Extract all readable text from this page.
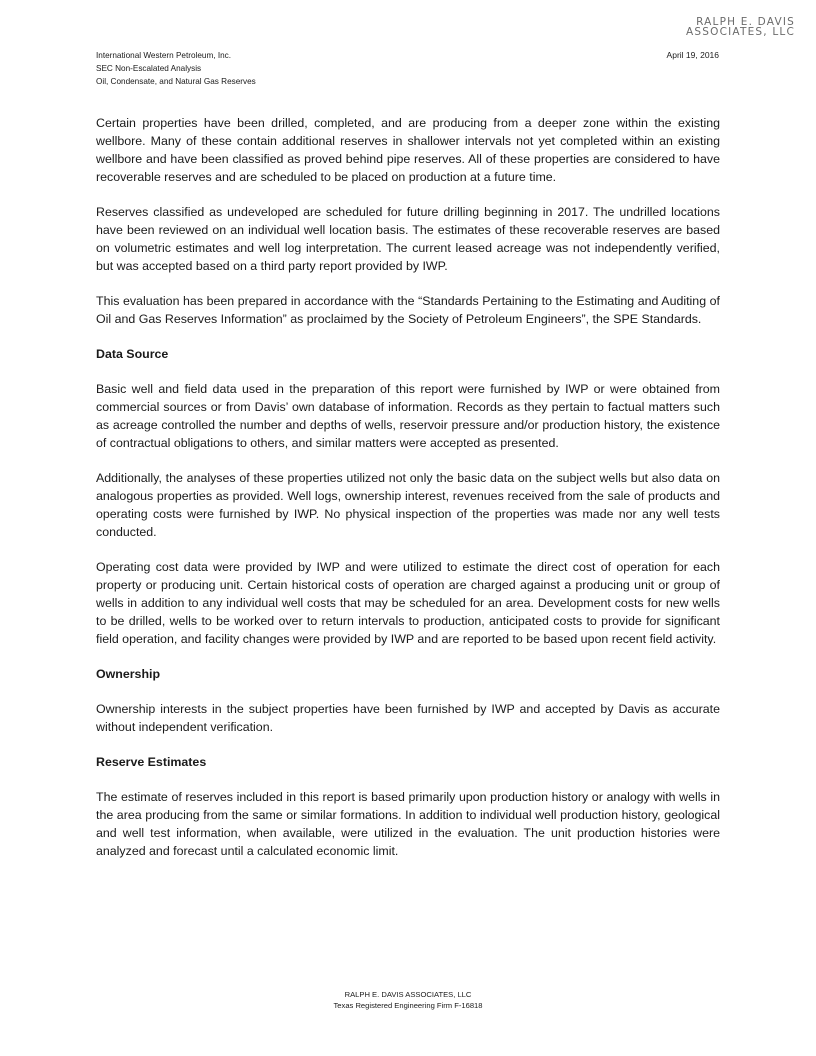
RALPH E. DAVIS
ASSOCIATES, LLC
International Western Petroleum, Inc.
SEC Non-Escalated Analysis
Oil, Condensate, and Natural Gas Reserves
April 19, 2016

Certain properties have been drilled, completed, and are producing from a deeper zone within the existing wellbore. Many of these contain additional reserves in shallower intervals not yet completed within an existing wellbore and have been classified as proved behind pipe reserves. All of these properties are considered to have recoverable reserves and are scheduled to be placed on production at a future time.

Reserves classified as undeveloped are scheduled for future drilling beginning in 2017. The undrilled locations have been reviewed on an individual well location basis. The estimates of these recoverable reserves are based on volumetric estimates and well log interpretation. The current leased acreage was not independently verified, but was accepted based on a third party report provided by IWP.

This evaluation has been prepared in accordance with the “Standards Pertaining to the Estimating and Auditing of Oil and Gas Reserves Information” as proclaimed by the Society of Petroleum Engineers”, the SPE Standards.

Data Source

Basic well and field data used in the preparation of this report were furnished by IWP or were obtained from commercial sources or from Davis’ own database of information. Records as they pertain to factual matters such as acreage controlled the number and depths of wells, reservoir pressure and/or production history, the existence of contractual obligations to others, and similar matters were accepted as presented.

Additionally, the analyses of these properties utilized not only the basic data on the subject wells but also data on analogous properties as provided. Well logs, ownership interest, revenues received from the sale of products and operating costs were furnished by IWP. No physical inspection of the properties was made nor any well tests conducted.

Operating cost data were provided by IWP and were utilized to estimate the direct cost of operation for each property or producing unit. Certain historical costs of operation are charged against a producing unit or group of wells in addition to any individual well costs that may be scheduled for an area. Development costs for new wells to be drilled, wells to be worked over to return intervals to production, anticipated costs to provide for significant field operation, and facility changes were provided by IWP and are reported to be based upon recent field activity.

Ownership

Ownership interests in the subject properties have been furnished by IWP and accepted by Davis as accurate without independent verification.

Reserve Estimates

The estimate of reserves included in this report is based primarily upon production history or analogy with wells in the area producing from the same or similar formations. In addition to individual well production history, geological and well test information, when available, were utilized in the evaluation. The unit production histories were analyzed and forecast until a calculated economic limit.

RALPH E. DAVIS ASSOCIATES, LLC
Texas Registered Engineering Firm F-16818
